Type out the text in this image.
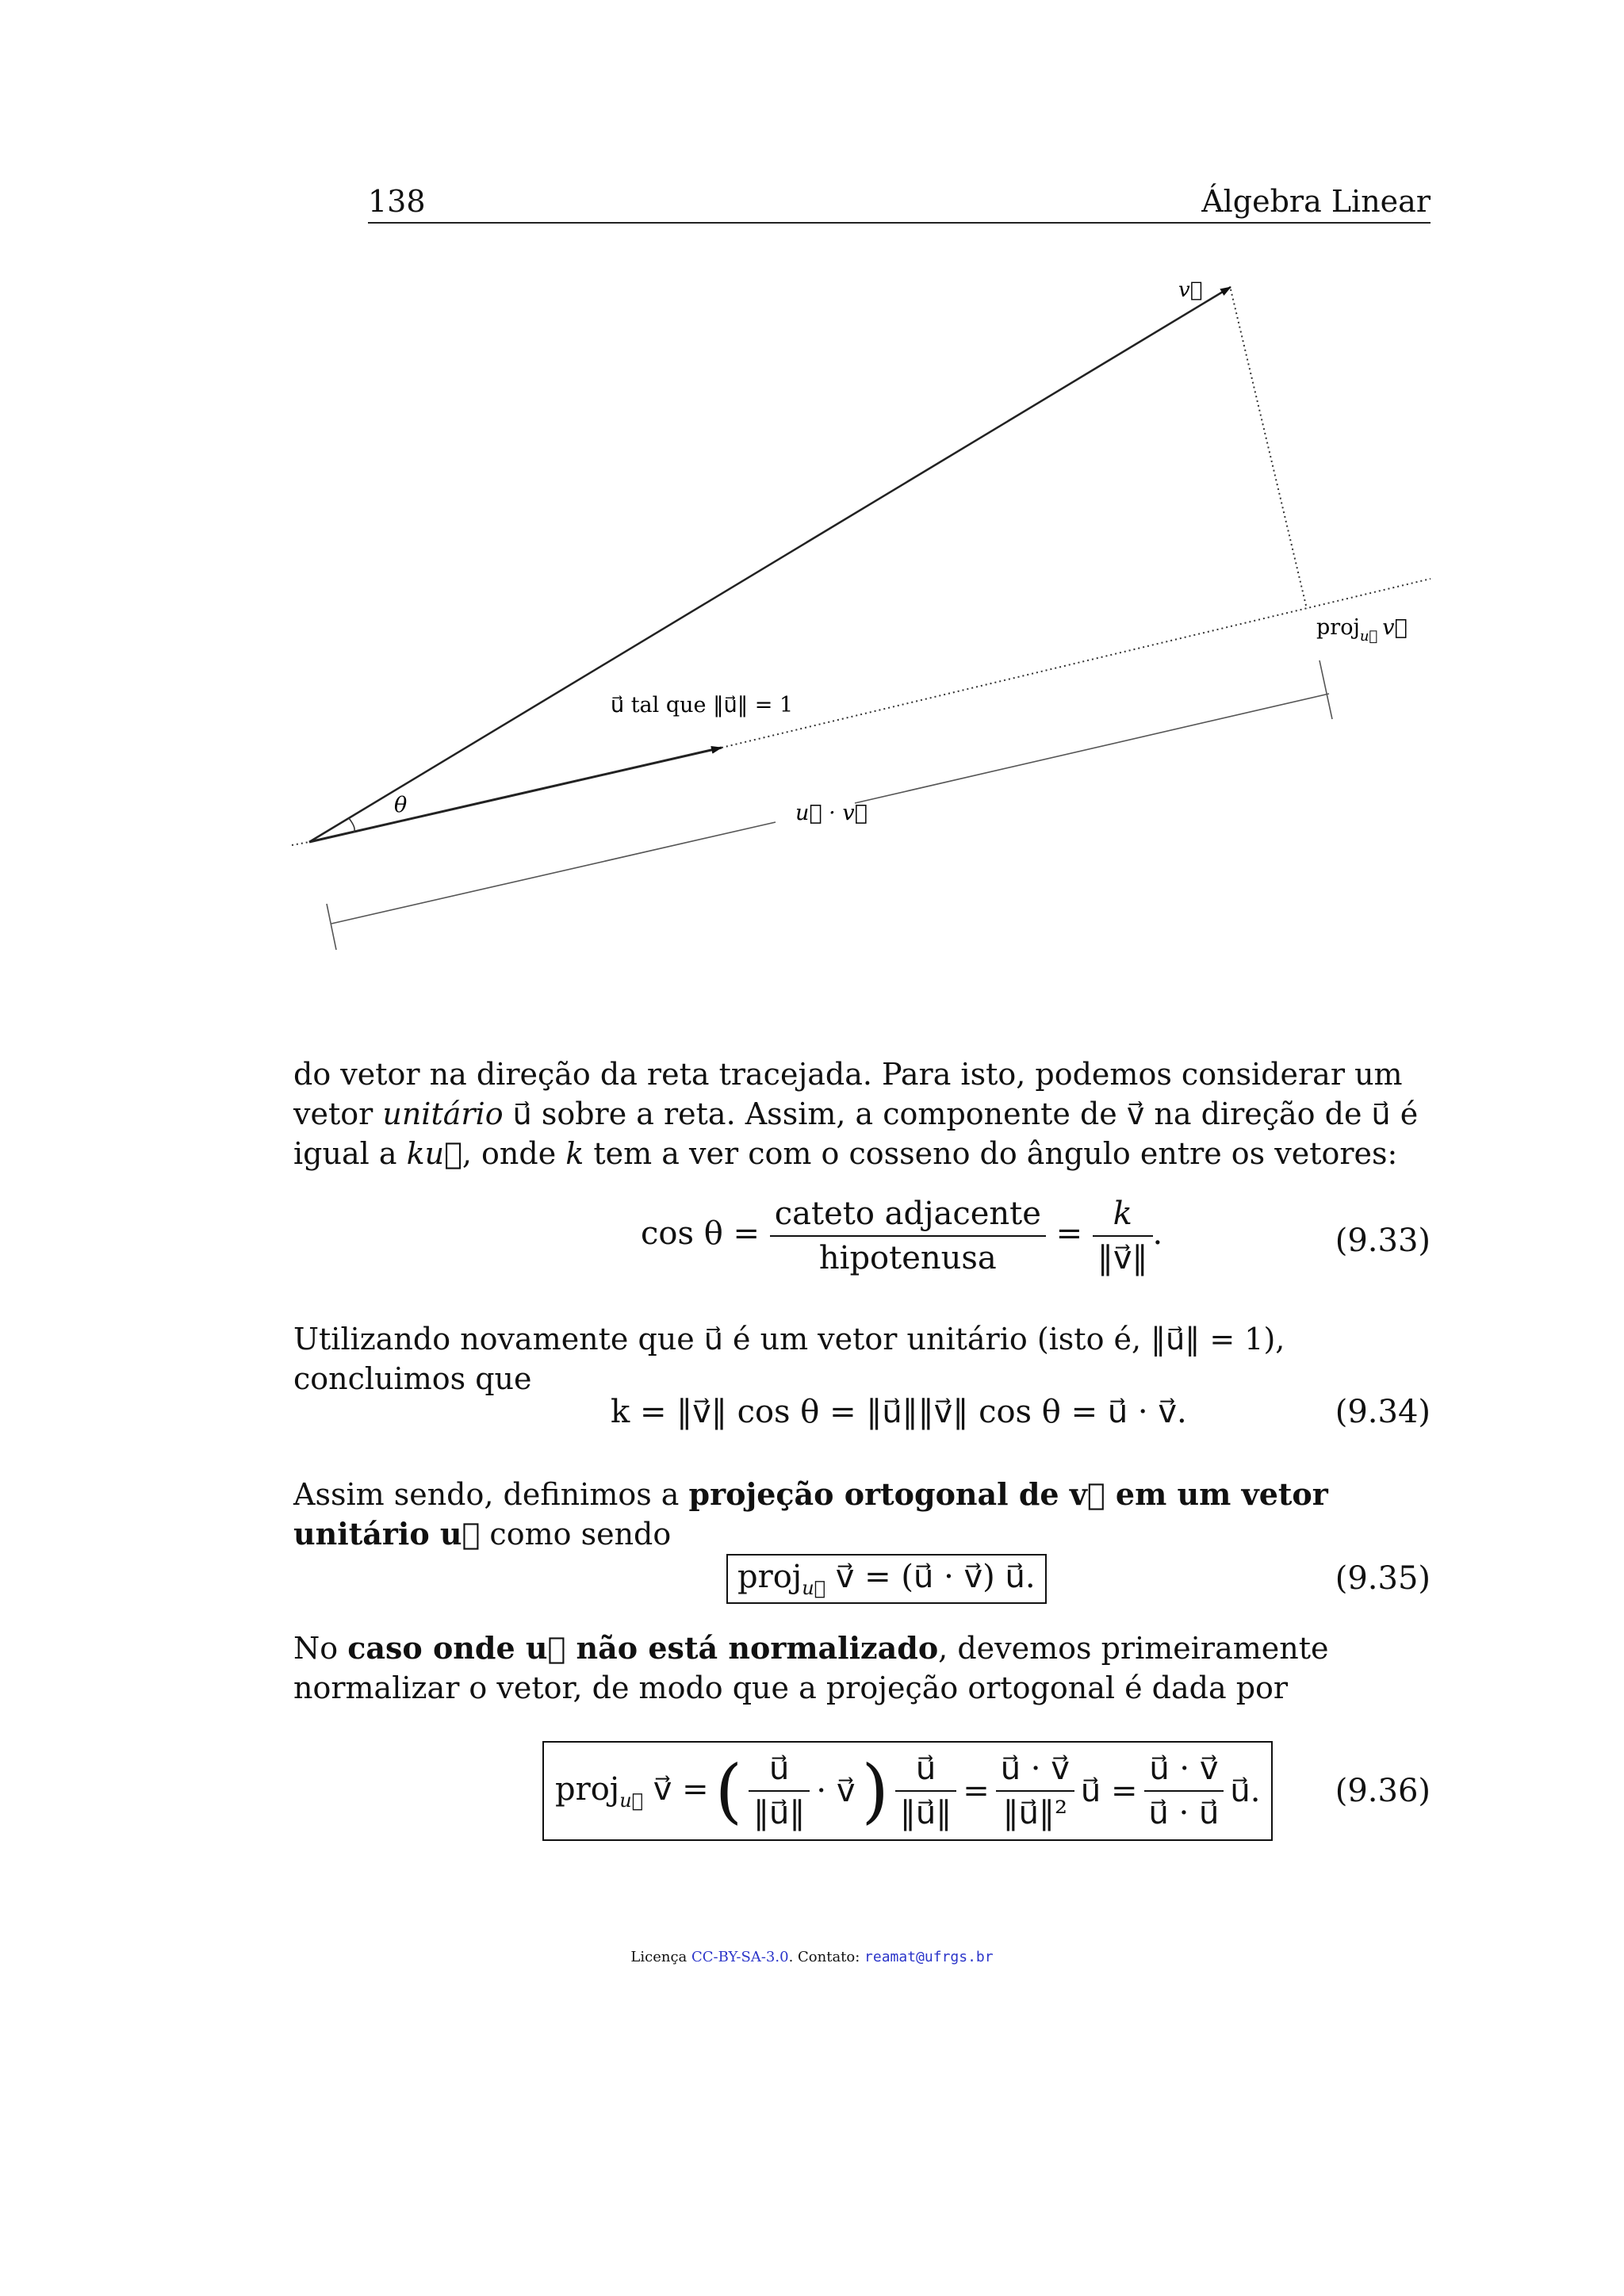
138	Álgebra Linear
v⃗
proj$_{u⃗}$ v⃗
u⃗ tal que ‖u⃗‖ = 1
θ	u⃗ · v⃗
do vetor na direção da reta tracejada. Para isto, podemos considerar um vetor unitário u⃗ sobre a reta. Assim, a componente de v⃗ na direção de u⃗ é igual a ku⃗, onde k tem a ver com o cosseno do ângulo entre os vetores:
$\cos \theta = \frac{\text{cateto adjacente}}{\text{hipotenusa}} = \frac{k}{‖v⃗‖}$ .	(9.33)
Utilizando novamente que u⃗ é um vetor unitário (isto é, ‖u⃗‖ = 1), concluimos que
k = ‖v⃗‖ cos θ = ‖u⃗‖‖v⃗‖ cos θ = u⃗ · v⃗.	(9.34)
Assim sendo, definimos a projeção ortogonal de v⃗ em um vetor unitário u⃗ como sendo
proj$_{u⃗}$ v⃗ = (u⃗ · v⃗) u⃗.	(9.35)
No caso onde u⃗ não está normalizado, devemos primeiramente normalizar o vetor, de modo que a projeção ortogonal é dada por
proj$_{u⃗}$ v⃗ = ( $\frac{u⃗}{‖u⃗‖}$ · v⃗ ) $\frac{u⃗}{‖u⃗‖} = \frac{u⃗ \cdot v⃗}{\text{‖u⃗‖²}}$ u⃗ = $\frac{u⃗ \cdot v⃗}{u⃗ \cdot u⃗}$ u⃗. (9.36)
Licença CC-BY-SA-3.0. Contato: reamat@ufrgs.br
